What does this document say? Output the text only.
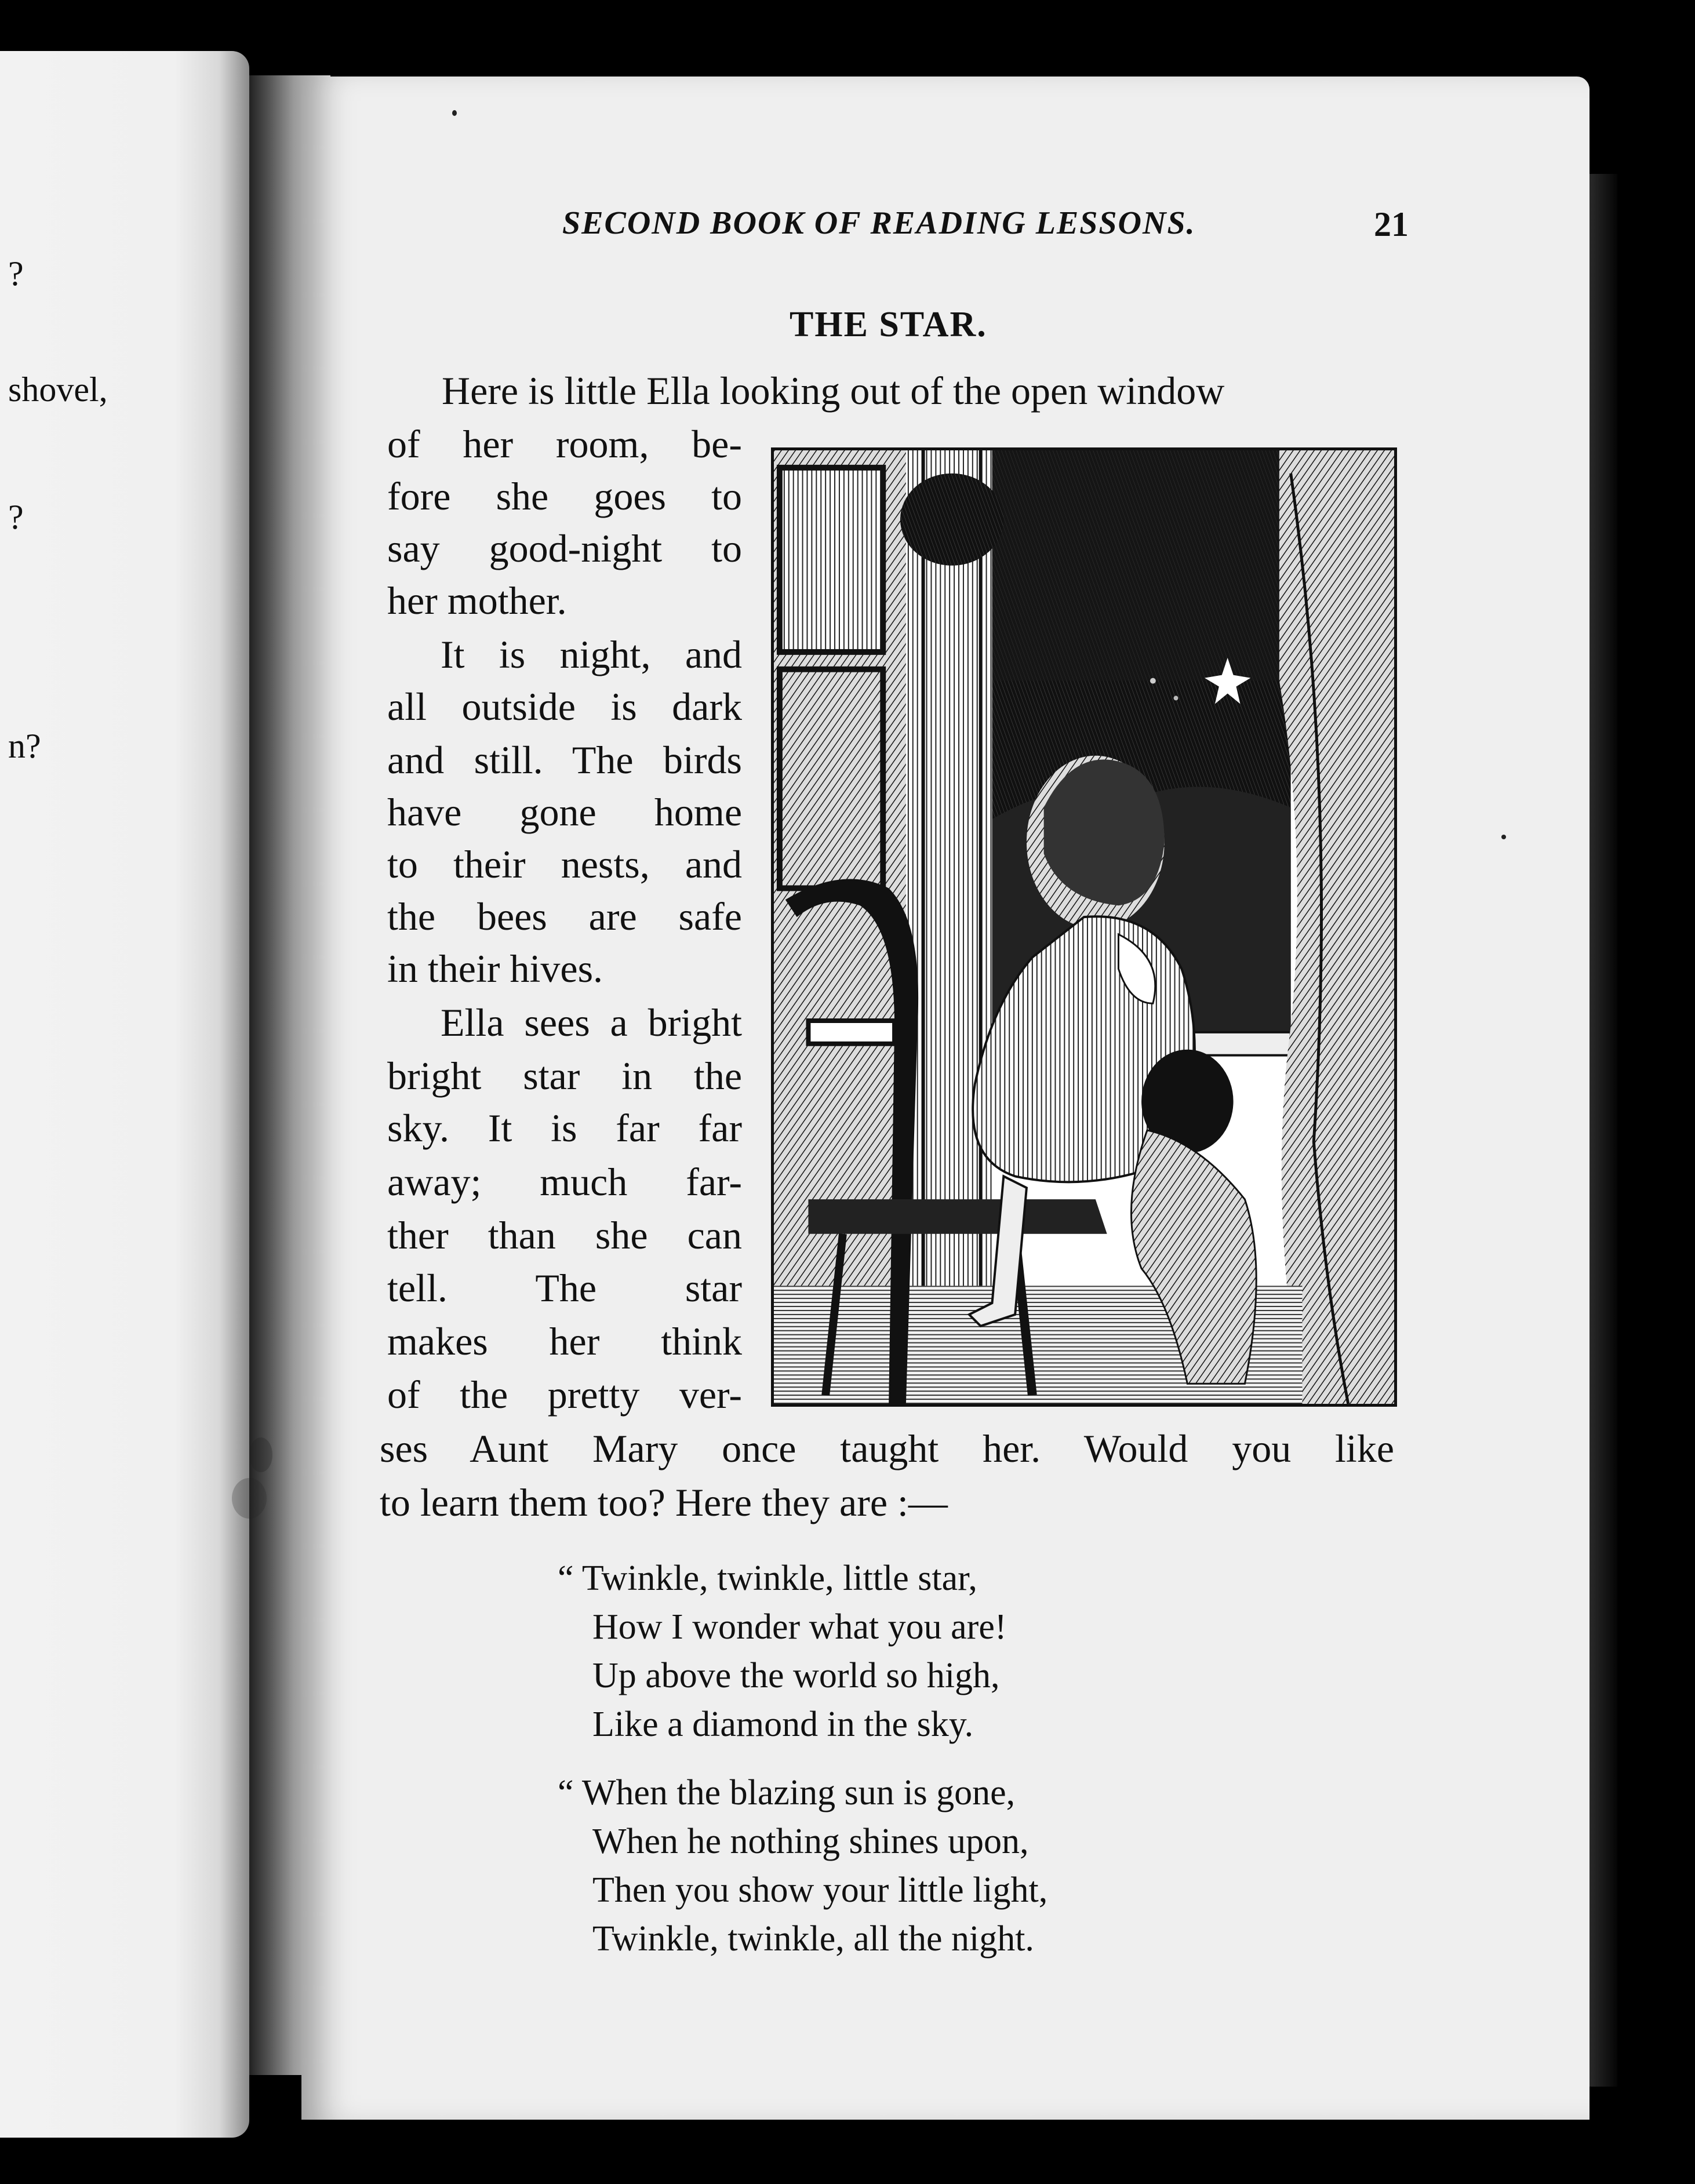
?
shovel,
?
n?
SECOND BOOK OF READING LESSONS.	21
THE STAR.
Here is little Ella looking out of the open window
of her room, be-
fore she goes to
say good-night to
her mother.
It is night, and
all outside is dark
and still. The birds
have gone home
to their nests, and
the bees are safe
in their hives.
Ella sees a bright
bright star in the
sky. It is far far
away; much far-
ther than she can
tell. The star
makes her think
of the pretty ver-
ses Aunt Mary once taught her. Would you like
to learn them too? Here they are :—
“ Twinkle, twinkle, little star,
How I wonder what you are!
Up above the world so high,
Like a diamond in the sky.
“ When the blazing sun is gone,
When he nothing shines upon,
Then you show your little light,
Twinkle, twinkle, all the night.
